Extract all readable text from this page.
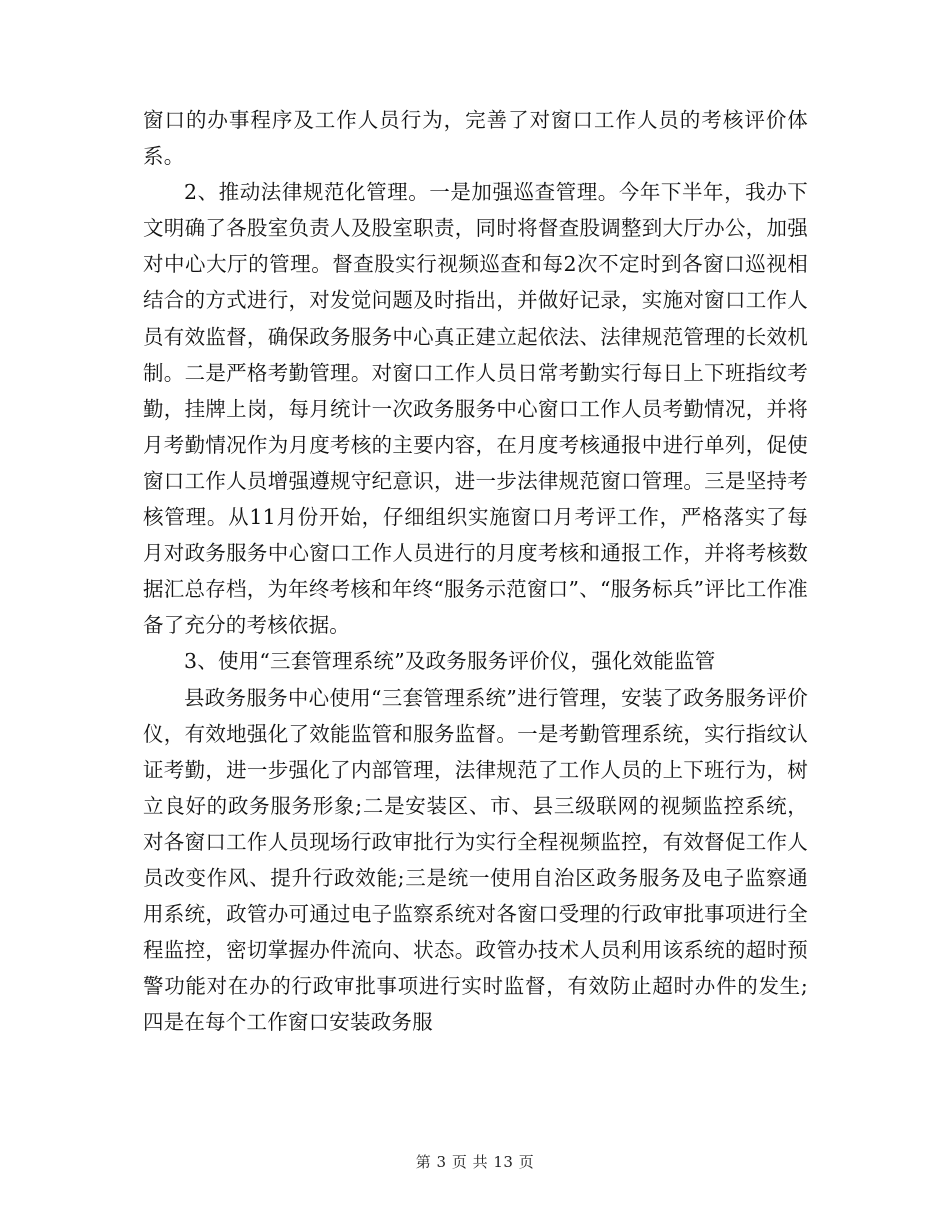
窗口的办事程序及工作人员行为，完善了对窗口工作人员的考核评价体系。

2、推动法律规范化管理。一是加强巡查管理。今年下半年，我办下文明确了各股室负责人及股室职责，同时将督查股调整到大厅办公，加强对中心大厅的管理。督查股实行视频巡查和每2次不定时到各窗口巡视相结合的方式进行，对发觉问题及时指出，并做好记录，实施对窗口工作人员有效监督，确保政务服务中心真正建立起依法、法律规范管理的长效机制。二是严格考勤管理。对窗口工作人员日常考勤实行每日上下班指纹考勤，挂牌上岗，每月统计一次政务服务中心窗口工作人员考勤情况，并将月考勤情况作为月度考核的主要内容，在月度考核通报中进行单列，促使窗口工作人员增强遵规守纪意识，进一步法律规范窗口管理。三是坚持考核管理。从11月份开始，仔细组织实施窗口月考评工作，严格落实了每月对政务服务中心窗口工作人员进行的月度考核和通报工作，并将考核数据汇总存档，为年终考核和年终“服务示范窗口”、“服务标兵”评比工作准备了充分的考核依据。

3、使用“三套管理系统”及政务服务评价仪，强化效能监管

县政务服务中心使用“三套管理系统”进行管理，安装了政务服务评价仪，有效地强化了效能监管和服务监督。一是考勤管理系统，实行指纹认证考勤，进一步强化了内部管理，法律规范了工作人员的上下班行为，树立良好的政务服务形象;二是安装区、市、县三级联网的视频监控系统，对各窗口工作人员现场行政审批行为实行全程视频监控，有效督促工作人员改变作风、提升行政效能;三是统一使用自治区政务服务及电子监察通用系统，政管办可通过电子监察系统对各窗口受理的行政审批事项进行全程监控，密切掌握办件流向、状态。政管办技术人员利用该系统的超时预警功能对在办的行政审批事项进行实时监督，有效防止超时办件的发生;四是在每个工作窗口安装政务服

第 3 页 共 13 页
